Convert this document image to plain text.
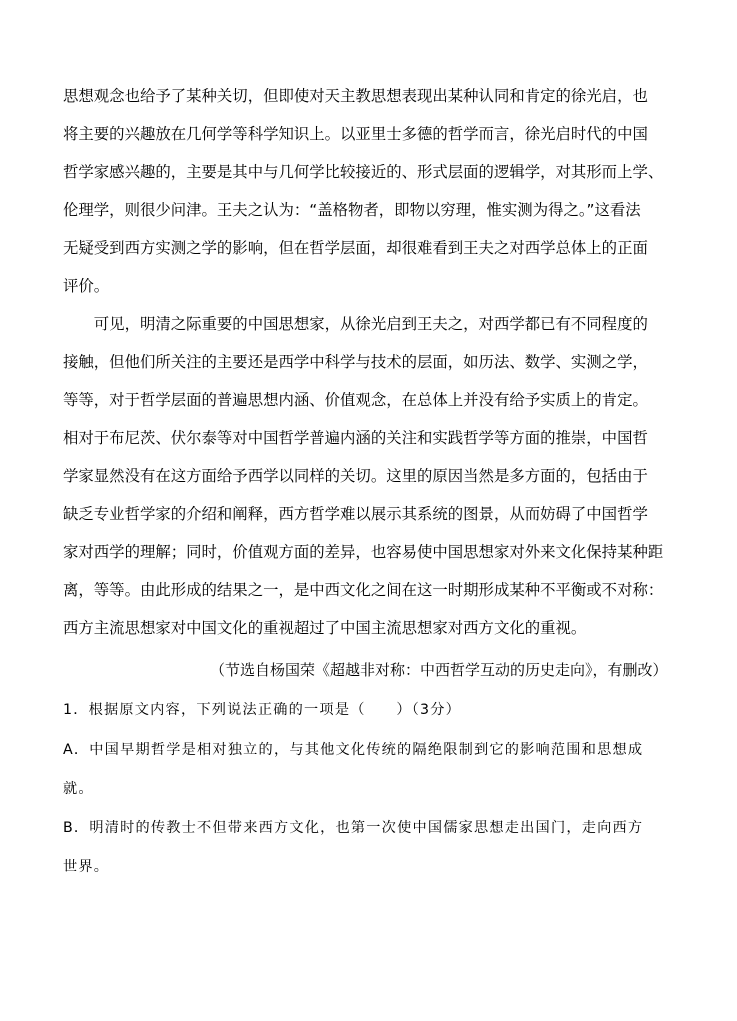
思想观念也给予了某种关切，但即使对天主教思想表现出某种认同和肯定的徐光启，也
将主要的兴趣放在几何学等科学知识上。以亚里士多德的哲学而言，徐光启时代的中国
哲学家感兴趣的，主要是其中与几何学比较接近的、形式层面的逻辑学，对其形而上学、
伦理学，则很少问津。王夫之认为：“盖格物者，即物以穷理，惟实测为得之。”这看法
无疑受到西方实测之学的影响，但在哲学层面，却很难看到王夫之对西学总体上的正面
评价。
　　可见，明清之际重要的中国思想家，从徐光启到王夫之，对西学都已有不同程度的
接触，但他们所关注的主要还是西学中科学与技术的层面，如历法、数学、实测之学，
等等，对于哲学层面的普遍思想内涵、价值观念，在总体上并没有给予实质上的肯定。
相对于布尼茨、伏尔泰等对中国哲学普遍内涵的关注和实践哲学等方面的推崇，中国哲
学家显然没有在这方面给予西学以同样的关切。这里的原因当然是多方面的，包括由于
缺乏专业哲学家的介绍和阐释，西方哲学难以展示其系统的图景，从而妨碍了中国哲学
家对西学的理解；同时，价值观方面的差异，也容易使中国思想家对外来文化保持某种距
离，等等。由此形成的结果之一，是中西文化之间在这一时期形成某种不平衡或不对称：
西方主流思想家对中国文化的重视超过了中国主流思想家对西方文化的重视。
（节选自杨国荣《超越非对称：中西哲学互动的历史走向》，有删改）
1．根据原文内容，下列说法正确的一项是（　　）（3分）
A．中国早期哲学是相对独立的，与其他文化传统的隔绝限制到它的影响范围和思想成
就。
B．明清时的传教士不但带来西方文化，也第一次使中国儒家思想走出国门，走向西方
世界。
